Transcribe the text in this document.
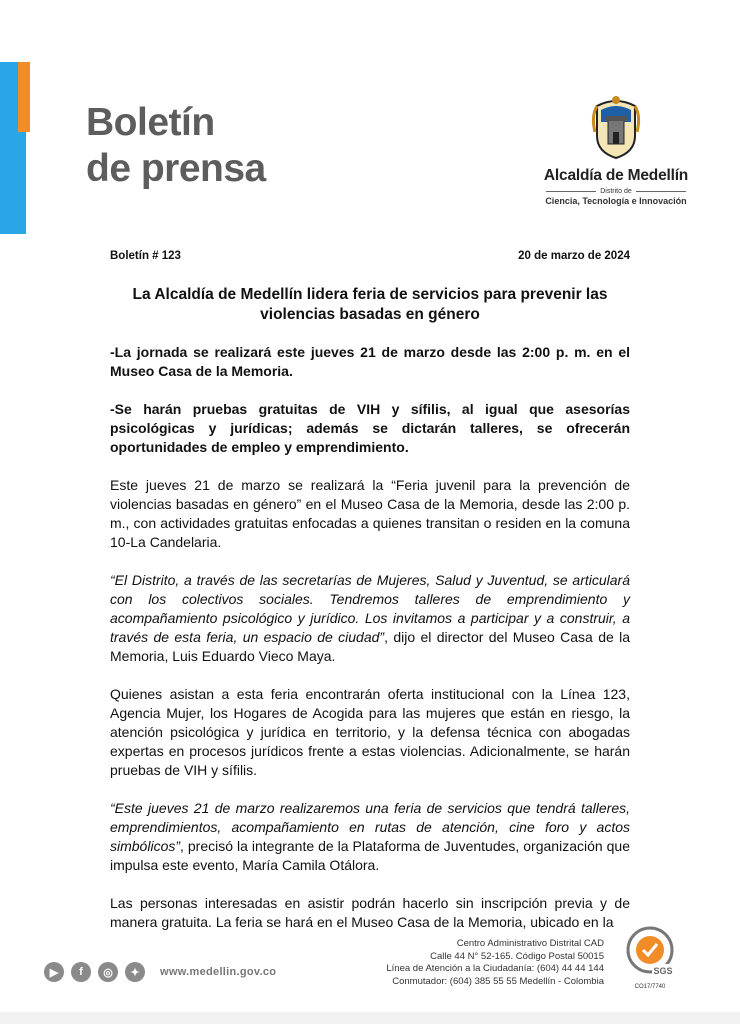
Boletín
de prensa	Alcaldía de Medellín
Distrito de
Ciencia, Tecnología e Innovación
Boletín # 123	20 de marzo de 2024
La Alcaldía de Medellín lidera feria de servicios para prevenir las violencias basadas en género

-La jornada se realizará este jueves 21 de marzo desde las 2:00 p. m. en el Museo Casa de la Memoria.

-Se harán pruebas gratuitas de VIH y sífilis, al igual que asesorías psicológicas y jurídicas; además se dictarán talleres, se ofrecerán oportunidades de empleo y emprendimiento.

Este jueves 21 de marzo se realizará la “Feria juvenil para la prevención de violencias basadas en género” en el Museo Casa de la Memoria, desde las 2:00 p. m., con actividades gratuitas enfocadas a quienes transitan o residen en la comuna 10-La Candelaria.

“El Distrito, a través de las secretarías de Mujeres, Salud y Juventud, se articulará con los colectivos sociales. Tendremos talleres de emprendimiento y acompañamiento psicológico y jurídico. Los invitamos a participar y a construir, a través de esta feria, un espacio de ciudad”, dijo el director del Museo Casa de la Memoria, Luis Eduardo Vieco Maya.

Quienes asistan a esta feria encontrarán oferta institucional con la Línea 123, Agencia Mujer, los Hogares de Acogida para las mujeres que están en riesgo, la atención psicológica y jurídica en territorio, y la defensa técnica con abogadas expertas en procesos jurídicos frente a estas violencias. Adicionalmente, se harán pruebas de VIH y sífilis.

“Este jueves 21 de marzo realizaremos una feria de servicios que tendrá talleres, emprendimientos, acompañamiento en rutas de atención, cine foro y actos simbólicos”, precisó la integrante de la Plataforma de Juventudes, organización que impulsa este evento, María Camila Otálora.

Las personas interesadas en asistir podrán hacerlo sin inscripción previa y de manera gratuita. La feria se hará en el Museo Casa de la Memoria, ubicado en la

▶	f	◎	✦	www.medellin.gov.co
Centro Administrativo Distrital CAD
Calle 44 N° 52-165. Código Postal 50015
Línea de Atención a la Ciudadanía: (604) 44 44 144
Conmutador: (604) 385 55 55 Medellín - Colombia
SGS
CO17/7740
